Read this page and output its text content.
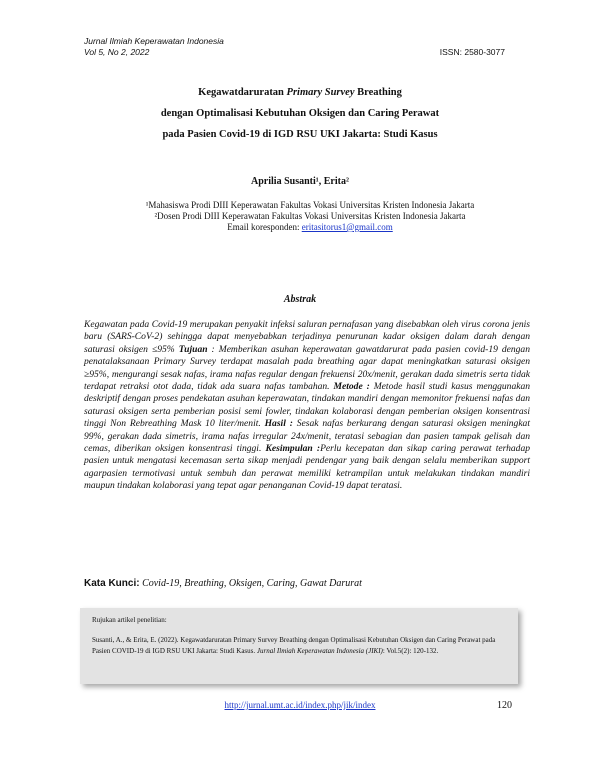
Jurnal Ilmiah Keperawatan Indonesia
Vol 5, No 2, 2022	ISSN: 2580-3077
Kegawatdaruratan Primary Survey Breathing
dengan Optimalisasi Kebutuhan Oksigen dan Caring Perawat
pada Pasien Covid-19 di IGD RSU UKI Jakarta: Studi Kasus
Aprilia Susanti¹, Erita²
¹Mahasiswa Prodi DIII Keperawatan Fakultas Vokasi Universitas Kristen Indonesia Jakarta
²Dosen Prodi DIII Keperawatan Fakultas Vokasi Universitas Kristen Indonesia Jakarta
Email koresponden: eritasitorus1@gmail.com
Abstrak
Kegawatan pada Covid-19 merupakan penyakit infeksi saluran pernafasan yang disebabkan oleh virus corona jenis baru (SARS-CoV-2) sehingga dapat menyebabkan terjadinya penurunan kadar oksigen dalam darah dengan saturasi oksigen ≤95% Tujuan : Memberikan asuhan keperawatan gawatdarurat pada pasien covid-19 dengan penatalaksanaan Primary Survey terdapat masalah pada breathing agar dapat meningkatkan saturasi oksigen ≥95%, mengurangi sesak nafas, irama nafas regular dengan frekuensi 20x/menit, gerakan dada simetris serta tidak terdapat retraksi otot dada, tidak ada suara nafas tambahan. Metode : Metode hasil studi kasus menggunakan deskriptif dengan proses pendekatan asuhan keperawatan, tindakan mandiri dengan memonitor frekuensi nafas dan saturasi oksigen serta pemberian posisi semi fowler, tindakan kolaborasi dengan pemberian oksigen konsentrasi tinggi Non Rebreathing Mask 10 liter/menit. Hasil : Sesak nafas berkurang dengan saturasi oksigen meningkat 99%, gerakan dada simetris, irama nafas irregular 24x/menit, teratasi sebagian dan pasien tampak gelisah dan cemas, diberikan oksigen konsentrasi tinggi. Kesimpulan :Perlu kecepatan dan sikap caring perawat terhadap pasien untuk mengatasi kecemasan serta sikap menjadi pendengar yang baik dengan selalu memberikan support agarpasien termotivasi untuk sembuh dan perawat memiliki ketrampilan untuk melakukan tindakan mandiri maupun tindakan kolaborasi yang tepat agar penanganan Covid-19 dapat teratasi.
Kata Kunci: Covid-19, Breathing, Oksigen, Caring, Gawat Darurat
Rujukan artikel penelitian:
Susanti, A., & Erita, E. (2022). Kegawatdaruratan Primary Survey Breathing dengan Optimalisasi Kebutuhan Oksigen dan Caring Perawat pada Pasien COVID-19 di IGD RSU UKI Jakarta: Studi Kasus. Jurnal Ilmiah Keperawatan Indonesia (JIKI): Vol.5(2): 120-132.
http://jurnal.umt.ac.id/index.php/jik/index	120
